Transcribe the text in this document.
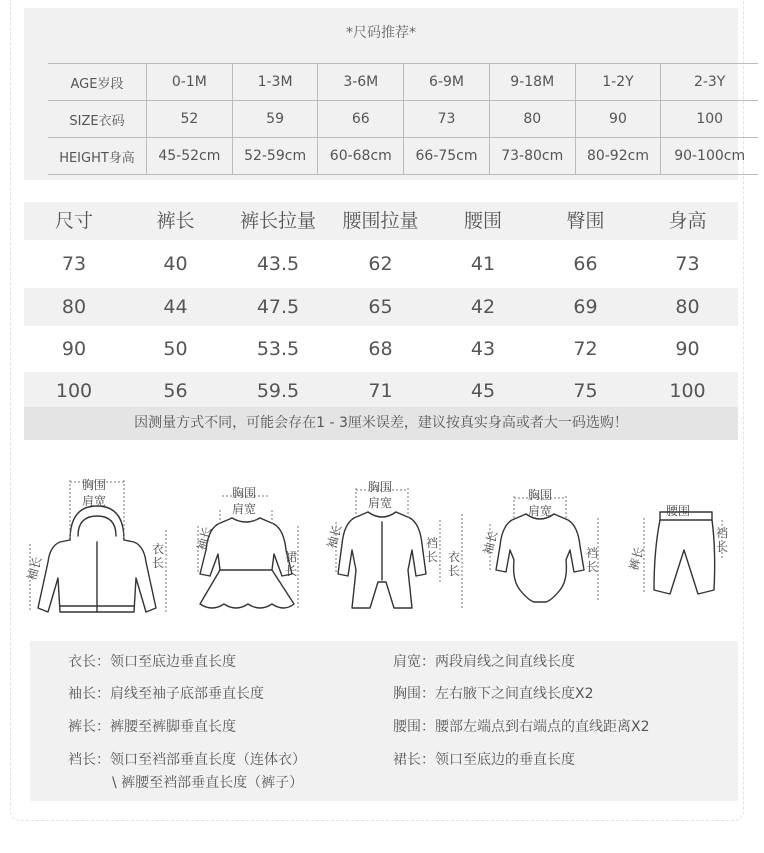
*尺码推荐*
AGE岁段	0-1M	1-3M	3-6M	6-9M	9-18M	1-2Y	2-3Y
SIZE衣码	52	59	66	73	80	90	100
HEIGHT身高	45-52cm	52-59cm	60-68cm	66-75cm	73-80cm	80-92cm	90-100cm
尺寸	裤长	裤长拉量	腰围拉量	腰围	臀围	身高
73	40	43.5	62	41	66	73
80	44	47.5	65	42	69	80
90	50	53.5	68	43	72	90
100	56	59.5	71	45	75	100
因测量方式不同，可能会存在1 - 3厘米误差，建议按真实身高或者大一码选购！
胸围
肩宽
袖长
衣长
胸围
肩宽
袖长
裙长
胸围
肩宽
袖长	裆长 衣长
胸围
肩宽
袖长	裆长
腰围
裤长
裆长
衣长：领口至底边垂直长度
袖长：肩线至袖子底部垂直长度
裤长：裤腰至裤脚垂直长度
裆长：领口至裆部垂直长度（连体衣）
\ 裤腰至裆部垂直长度（裤子）
肩宽：两段肩线之间直线长度
胸围：左右腋下之间直线长度X2
腰围：腰部左端点到右端点的直线距离X2
裙长：领口至底边的垂直长度
